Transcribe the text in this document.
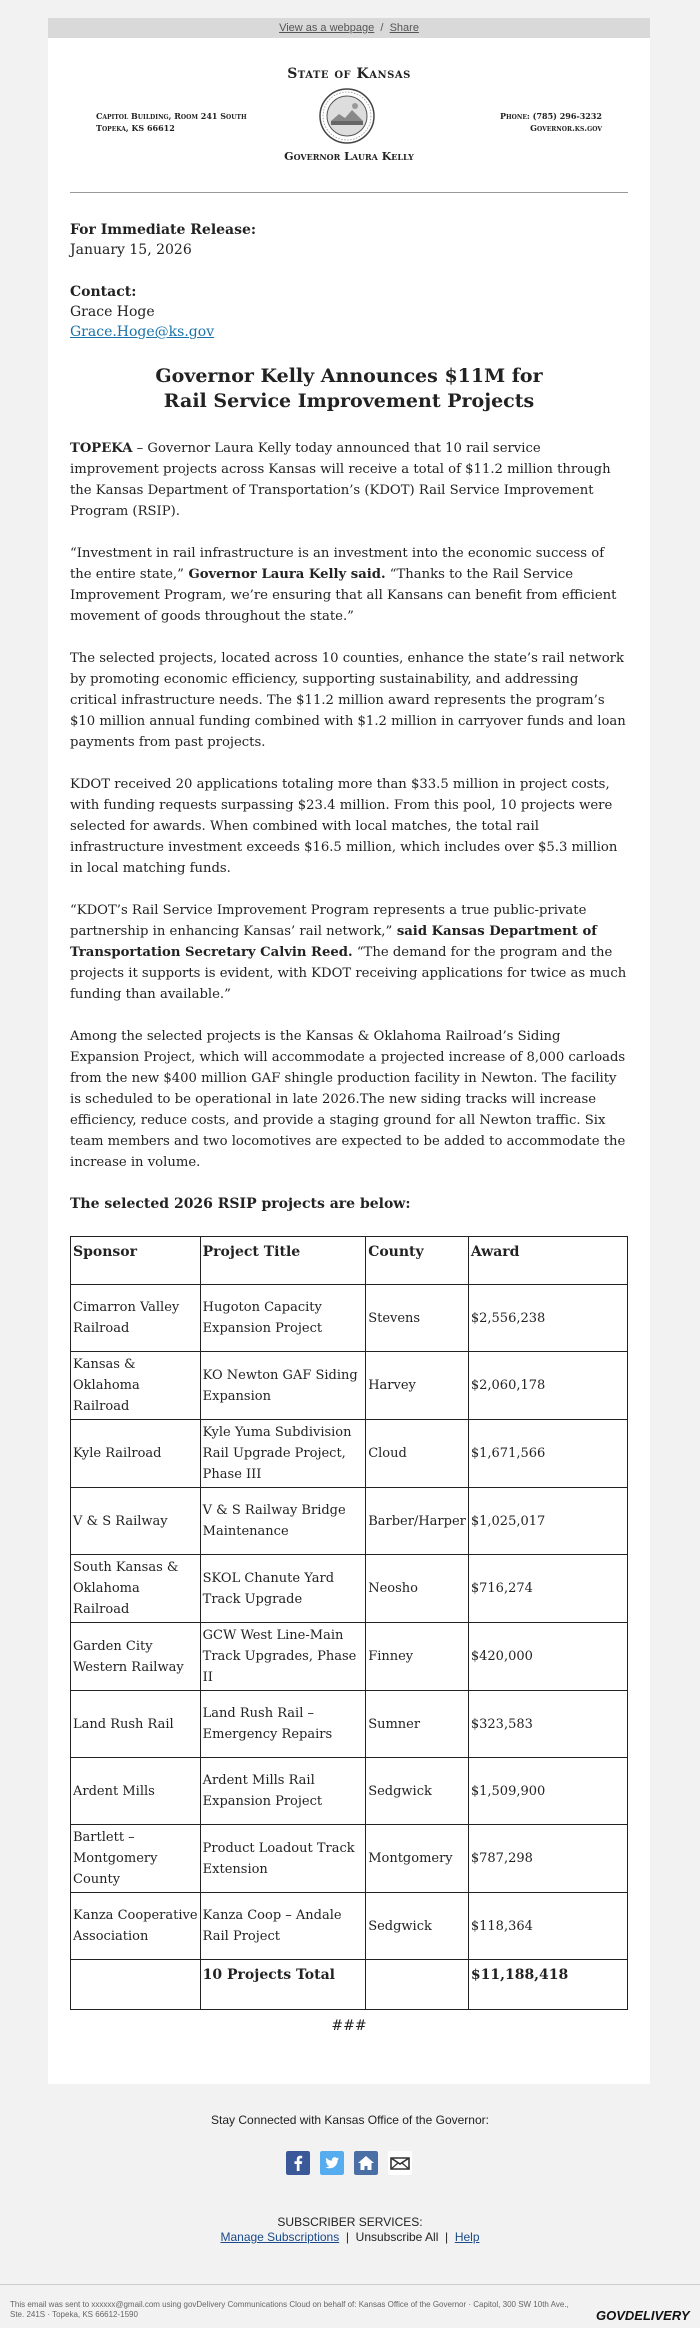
View as a webpage / Share
State of Kansas
Capitol Building, Room 241 South
Topeka, KS 66612
Phone: (785) 296-3232
Governor.ks.gov
Governor Laura Kelly
For Immediate Release:
January 15, 2026
Contact:
Grace Hoge
Grace.Hoge@ks.gov
Governor Kelly Announces $11M for
Rail Service Improvement Projects

TOPEKA – Governor Laura Kelly today announced that 10 rail service improvement projects across Kansas will receive a total of $11.2 million through the Kansas Department of Transportation’s (KDOT) Rail Service Improvement Program (RSIP).

“Investment in rail infrastructure is an investment into the economic success of the entire state,” Governor Laura Kelly said. “Thanks to the Rail Service Improvement Program, we’re ensuring that all Kansans can benefit from efficient movement of goods throughout the state.”

The selected projects, located across 10 counties, enhance the state’s rail network by promoting economic efficiency, supporting sustainability, and addressing critical infrastructure needs. The $11.2 million award represents the program’s $10 million annual funding combined with $1.2 million in carryover funds and loan payments from past projects.

KDOT received 20 applications totaling more than $33.5 million in project costs, with funding requests surpassing $23.4 million. From this pool, 10 projects were selected for awards. When combined with local matches, the total rail infrastructure investment exceeds $16.5 million, which includes over $5.3 million in local matching funds.

“KDOT’s Rail Service Improvement Program represents a true public-private partnership in enhancing Kansas’ rail network,” said Kansas Department of Transportation Secretary Calvin Reed. “The demand for the program and the projects it supports is evident, with KDOT receiving applications for twice as much funding than available.”

Among the selected projects is the Kansas & Oklahoma Railroad’s Siding Expansion Project, which will accommodate a projected increase of 8,000 carloads from the new $400 million GAF shingle production facility in Newton. The facility is scheduled to be operational in late 2026.The new siding tracks will increase efficiency, reduce costs, and provide a staging ground for all Newton traffic. Six team members and two locomotives are expected to be added to accommodate the increase in volume.

The selected 2026 RSIP projects are below:

Sponsor	Project Title	County	Award
Cimarron Valley Railroad	Hugoton Capacity Expansion Project	Stevens	$2,556,238
Kansas & Oklahoma Railroad	KO Newton GAF Siding Expansion	Harvey	$2,060,178
Kyle Railroad	Kyle Yuma Subdivision Rail Upgrade Project, Phase III	Cloud	$1,671,566
V & S Railway	V & S Railway Bridge Maintenance	Barber/Harper	$1,025,017
South Kansas & Oklahoma Railroad	SKOL Chanute Yard Track Upgrade	Neosho	$716,274
Garden City Western Railway	GCW West Line-Main Track Upgrades, Phase II	Finney	$420,000
Land Rush Rail	Land Rush Rail – Emergency Repairs	Sumner	$323,583
Ardent Mills	Ardent Mills Rail Expansion Project	Sedgwick	$1,509,900
Bartlett – Montgomery County	Product Loadout Track Extension	Montgomery	$787,298
Kanza Cooperative Association	Kanza Coop – Andale Rail Project	Sedgwick	$118,364
	10 Projects Total		$11,188,418
###
Stay Connected with Kansas Office of the Governor:
SUBSCRIBER SERVICES:
Manage Subscriptions  |  Unsubscribe All  |  Help
This email was sent to xxxxxx@gmail.com using govDelivery Communications Cloud on behalf of: Kansas Office of the Governor · Capitol, 300 SW 10th Ave., Ste. 241S · Topeka, KS 66612-1590	GOVDELIVERY
